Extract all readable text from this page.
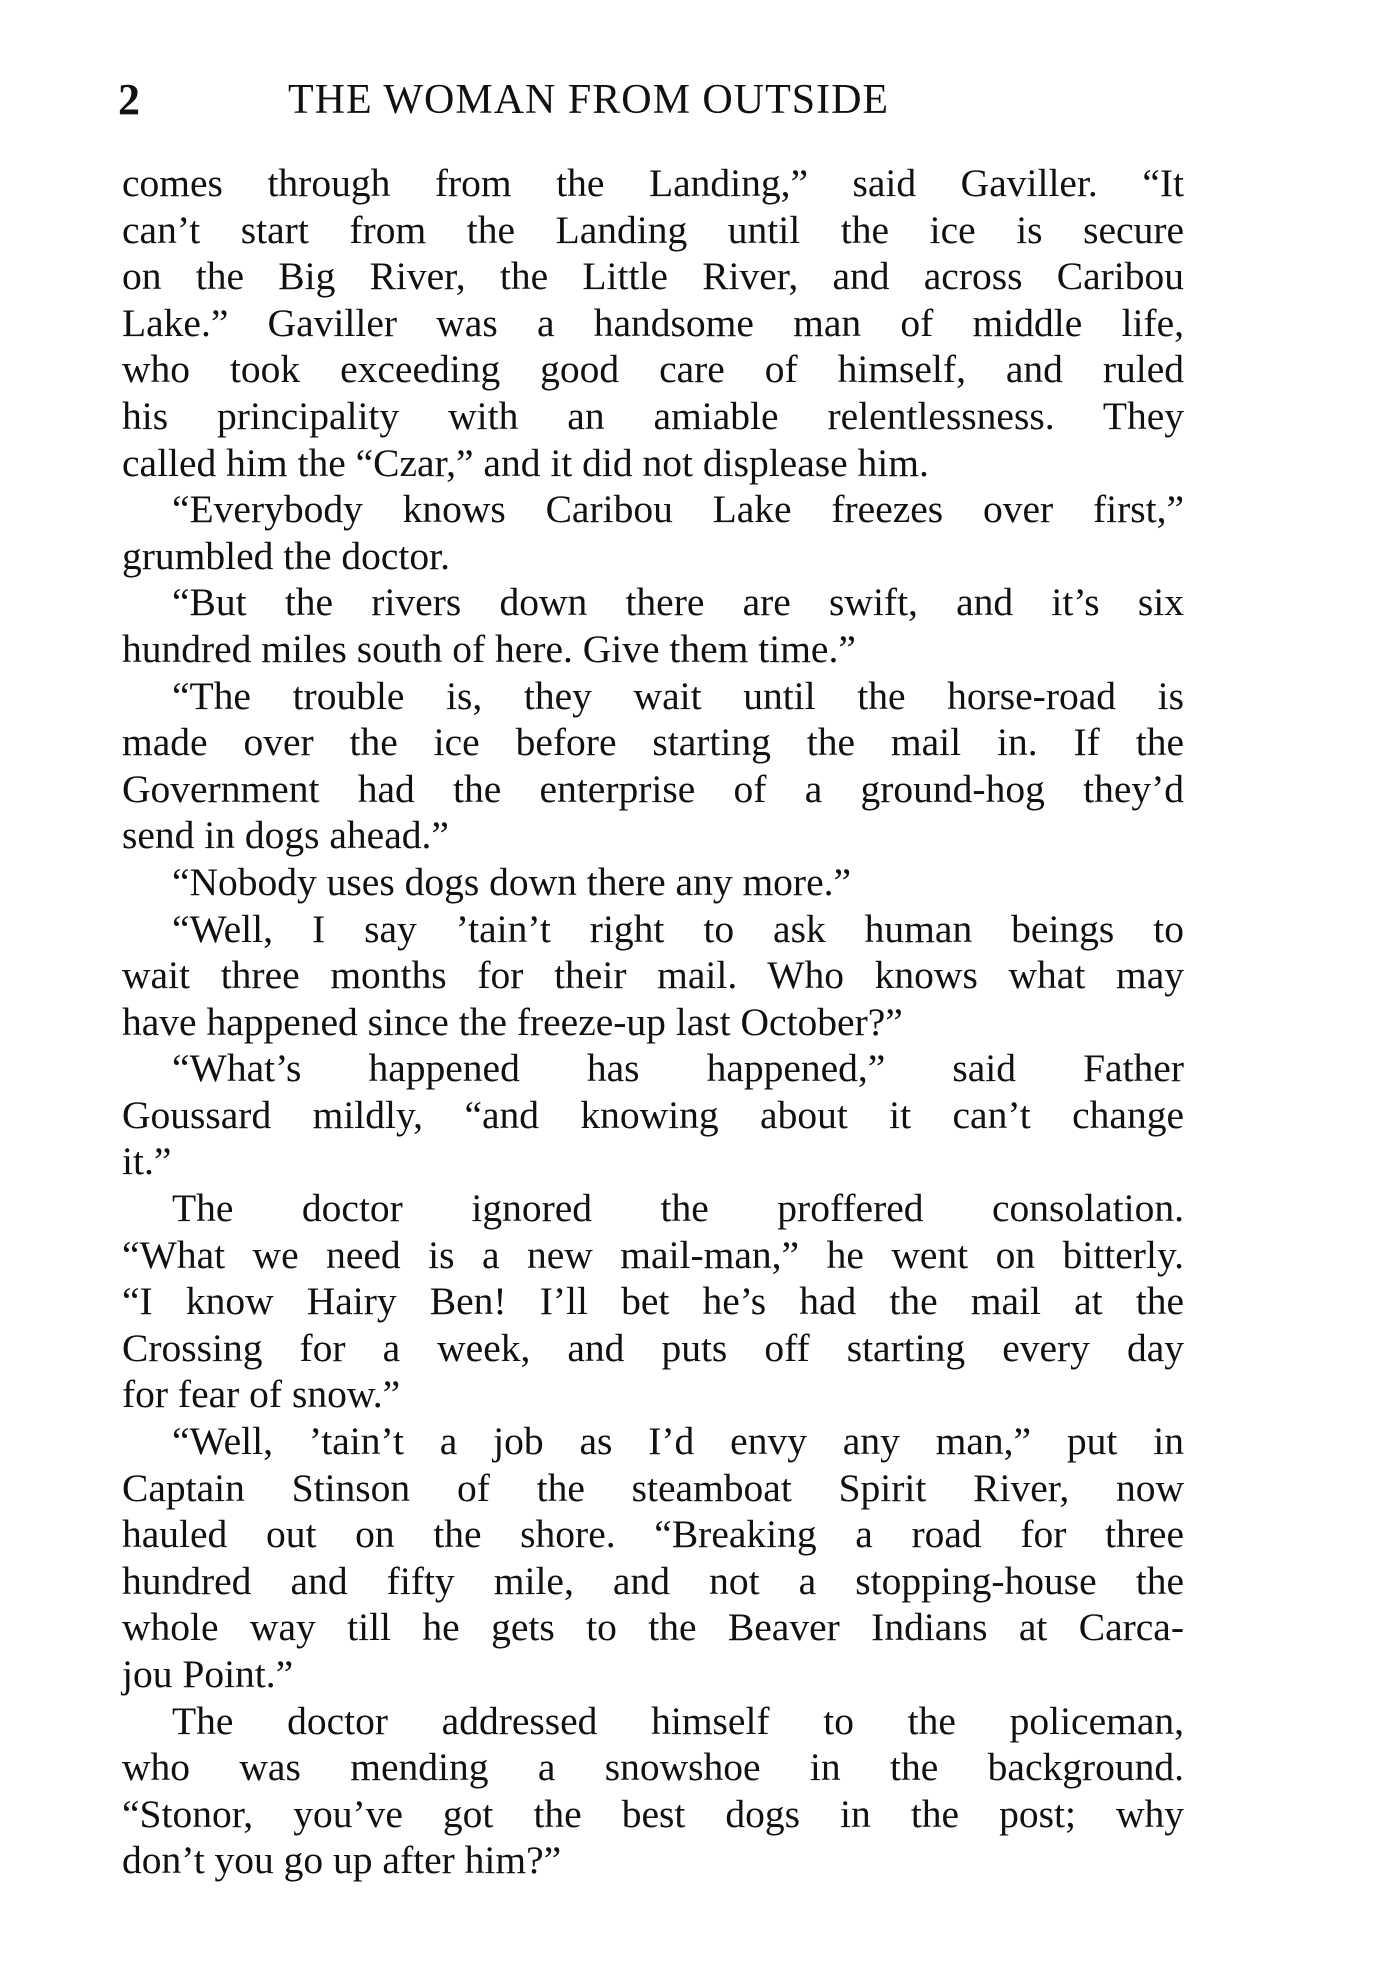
2	THE WOMAN FROM OUTSIDE
comes through from the Landing,” said Gaviller. “It
can’t start from the Landing until the ice is secure
on the Big River, the Little River, and across Caribou
Lake.” Gaviller was a handsome man of middle life,
who took exceeding good care of himself, and ruled
his principality with an amiable relentlessness. They
called him the “Czar,” and it did not displease him.
“Everybody knows Caribou Lake freezes over first,”
grumbled the doctor.
“But the rivers down there are swift, and it’s six
hundred miles south of here. Give them time.”
“The trouble is, they wait until the horse-road is
made over the ice before starting the mail in. If the
Government had the enterprise of a ground-hog they’d
send in dogs ahead.”
“Nobody uses dogs down there any more.”
“Well, I say ’tain’t right to ask human beings to
wait three months for their mail. Who knows what may
have happened since the freeze-up last October?”
“What’s happened has happened,” said Father
Goussard mildly, “and knowing about it can’t change
it.”
The doctor ignored the proffered consolation.
“What we need is a new mail-man,” he went on bitterly.
“I know Hairy Ben! I’ll bet he’s had the mail at the
Crossing for a week, and puts off starting every day
for fear of snow.”
“Well, ’tain’t a job as I’d envy any man,” put in
Captain Stinson of the steamboat Spirit River, now
hauled out on the shore. “Breaking a road for three
hundred and fifty mile, and not a stopping-house the
whole way till he gets to the Beaver Indians at Carca-
jou Point.”
The doctor addressed himself to the policeman,
who was mending a snowshoe in the background.
“Stonor, you’ve got the best dogs in the post; why
don’t you go up after him?”
